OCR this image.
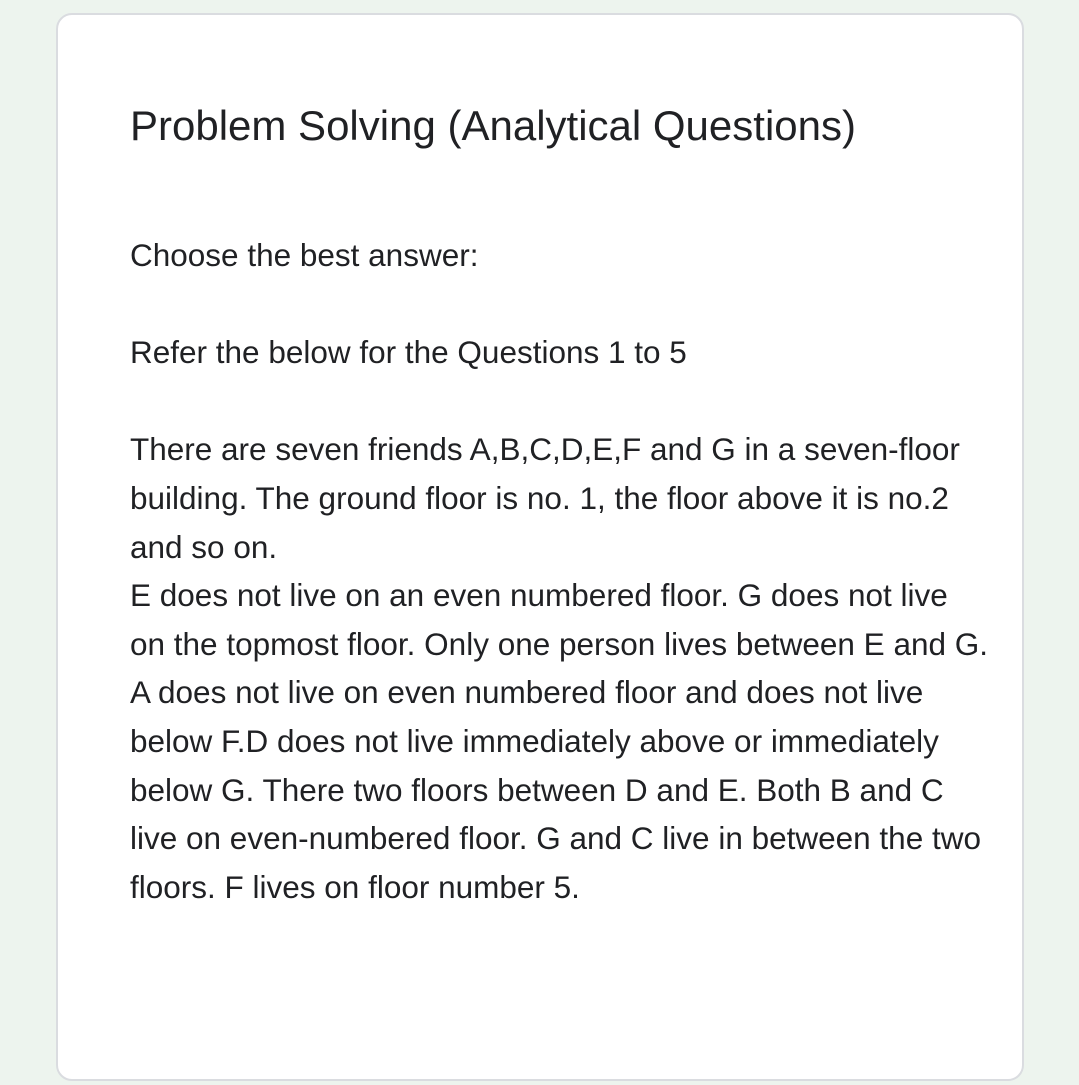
Problem Solving (Analytical Questions)

Choose the best answer:

Refer the below for the Questions 1 to 5

There are seven friends A,B,C,D,E,F and G in a seven-floor building. The ground floor is no. 1, the floor above it is no.2 and so on.
E does not live on an even numbered floor. G does not live on the topmost floor. Only one person lives between E and G. A does not live on even numbered floor and does not live below F.D does not live immediately above or immediately below G. There two floors between D and E. Both B and C live on even-numbered floor. G and C live in between the two floors. F lives on floor number 5.
